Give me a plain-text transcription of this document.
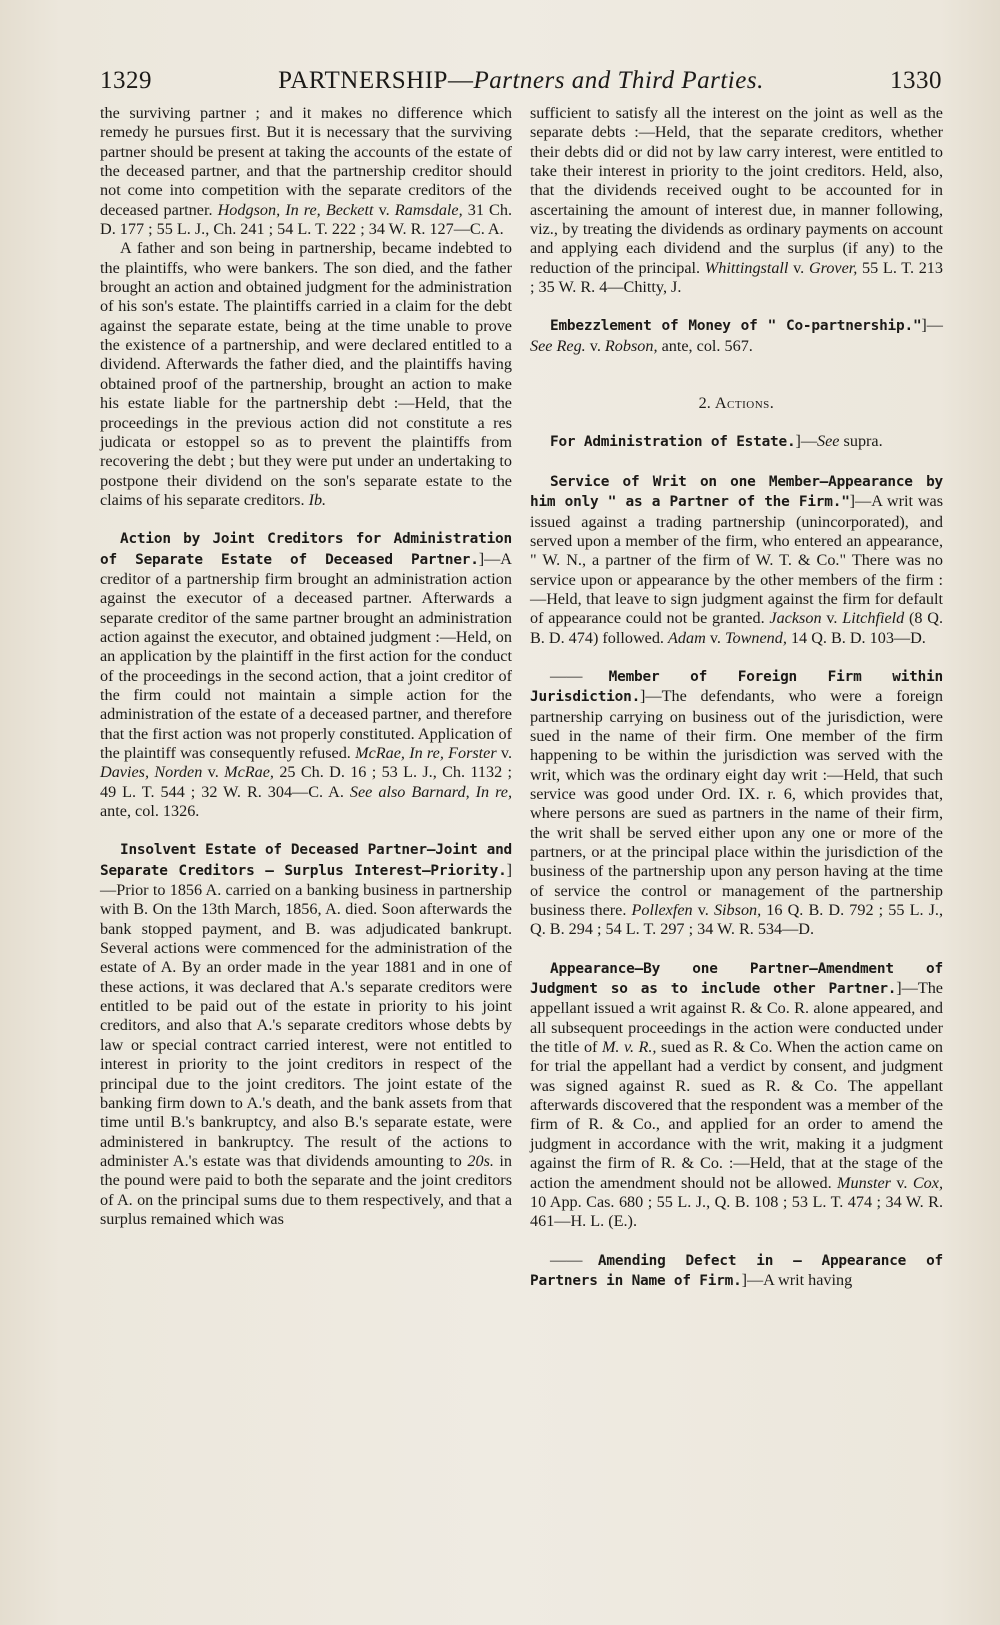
1329	PARTNERSHIP—Partners and Third Parties.	1330

the surviving partner ; and it makes no difference which remedy he pursues first. But it is necessary that the surviving partner should be present at taking the accounts of the estate of the deceased partner, and that the partnership creditor should not come into competition with the separate creditors of the deceased partner. Hodgson, In re, Beckett v. Ramsdale, 31 Ch. D. 177 ; 55 L. J., Ch. 241 ; 54 L. T. 222 ; 34 W. R. 127—C. A.

A father and son being in partnership, became indebted to the plaintiffs, who were bankers. The son died, and the father brought an action and obtained judgment for the administration of his son's estate. The plaintiffs carried in a claim for the debt against the separate estate, being at the time unable to prove the existence of a partnership, and were declared entitled to a dividend. Afterwards the father died, and the plaintiffs having obtained proof of the partnership, brought an action to make his estate liable for the partnership debt :—Held, that the proceedings in the previous action did not constitute a res judicata or estoppel so as to prevent the plaintiffs from recovering the debt ; but they were put under an undertaking to postpone their dividend on the son's separate estate to the claims of his separate creditors. Ib.

Action by Joint Creditors for Administration of Separate Estate of Deceased Partner.]—A creditor of a partnership firm brought an administration action against the executor of a deceased partner. Afterwards a separate creditor of the same partner brought an administration action against the executor, and obtained judgment :—Held, on an application by the plaintiff in the first action for the conduct of the proceedings in the second action, that a joint creditor of the firm could not maintain a simple action for the administration of the estate of a deceased partner, and therefore that the first action was not properly constituted. Application of the plaintiff was consequently refused. McRae, In re, Forster v. Davies, Norden v. McRae, 25 Ch. D. 16 ; 53 L. J., Ch. 1132 ; 49 L. T. 544 ; 32 W. R. 304—C. A. See also Barnard, In re, ante, col. 1326.

Insolvent Estate of Deceased Partner—Joint and Separate Creditors — Surplus Interest—Priority.]—Prior to 1856 A. carried on a banking business in partnership with B. On the 13th March, 1856, A. died. Soon afterwards the bank stopped payment, and B. was adjudicated bankrupt. Several actions were commenced for the administration of the estate of A. By an order made in the year 1881 and in one of these actions, it was declared that A.'s separate creditors were entitled to be paid out of the estate in priority to his joint creditors, and also that A.'s separate creditors whose debts by law or special contract carried interest, were not entitled to interest in priority to the joint creditors in respect of the principal due to the joint creditors. The joint estate of the banking firm down to A.'s death, and the bank assets from that time until B.'s bankruptcy, and also B.'s separate estate, were administered in bankruptcy. The result of the actions to administer A.'s estate was that dividends amounting to 20s. in the pound were paid to both the separate and the joint creditors of A. on the principal sums due to them respectively, and that a surplus remained which was

sufficient to satisfy all the interest on the joint as well as the separate debts :—Held, that the separate creditors, whether their debts did or did not by law carry interest, were entitled to take their interest in priority to the joint creditors. Held, also, that the dividends received ought to be accounted for in ascertaining the amount of interest due, in manner following, viz., by treating the dividends as ordinary payments on account and applying each dividend and the surplus (if any) to the reduction of the principal. Whittingstall v. Grover, 55 L. T. 213 ; 35 W. R. 4—Chitty, J.

Embezzlement of Money of " Co-partnership."]—See Reg. v. Robson, ante, col. 567.

2. Actions.

For Administration of Estate.]—See supra.

Service of Writ on one Member—Appearance by him only " as a Partner of the Firm."]—A writ was issued against a trading partnership (unincorporated), and served upon a member of the firm, who entered an appearance, " W. N., a partner of the firm of W. T. & Co." There was no service upon or appearance by the other members of the firm :—Held, that leave to sign judgment against the firm for default of appearance could not be granted. Jackson v. Litchfield (8 Q. B. D. 474) followed. Adam v. Townend, 14 Q. B. D. 103—D.

—— Member of Foreign Firm within Jurisdiction.]—The defendants, who were a foreign partnership carrying on business out of the jurisdiction, were sued in the name of their firm. One member of the firm happening to be within the jurisdiction was served with the writ, which was the ordinary eight day writ :—Held, that such service was good under Ord. IX. r. 6, which provides that, where persons are sued as partners in the name of their firm, the writ shall be served either upon any one or more of the partners, or at the principal place within the jurisdiction of the business of the partnership upon any person having at the time of service the control or management of the partnership business there. Pollexfen v. Sibson, 16 Q. B. D. 792 ; 55 L. J., Q. B. 294 ; 54 L. T. 297 ; 34 W. R. 534—D.

Appearance—By one Partner—Amendment of Judgment so as to include other Partner.]—The appellant issued a writ against R. & Co. R. alone appeared, and all subsequent proceedings in the action were conducted under the title of M. v. R., sued as R. & Co. When the action came on for trial the appellant had a verdict by consent, and judgment was signed against R. sued as R. & Co. The appellant afterwards discovered that the respondent was a member of the firm of R. & Co., and applied for an order to amend the judgment in accordance with the writ, making it a judgment against the firm of R. & Co. :—Held, that at the stage of the action the amendment should not be allowed. Munster v. Cox, 10 App. Cas. 680 ; 55 L. J., Q. B. 108 ; 53 L. T. 474 ; 34 W. R. 461—H. L. (E.).

—— Amending Defect in — Appearance of Partners in Name of Firm.]—A writ having
